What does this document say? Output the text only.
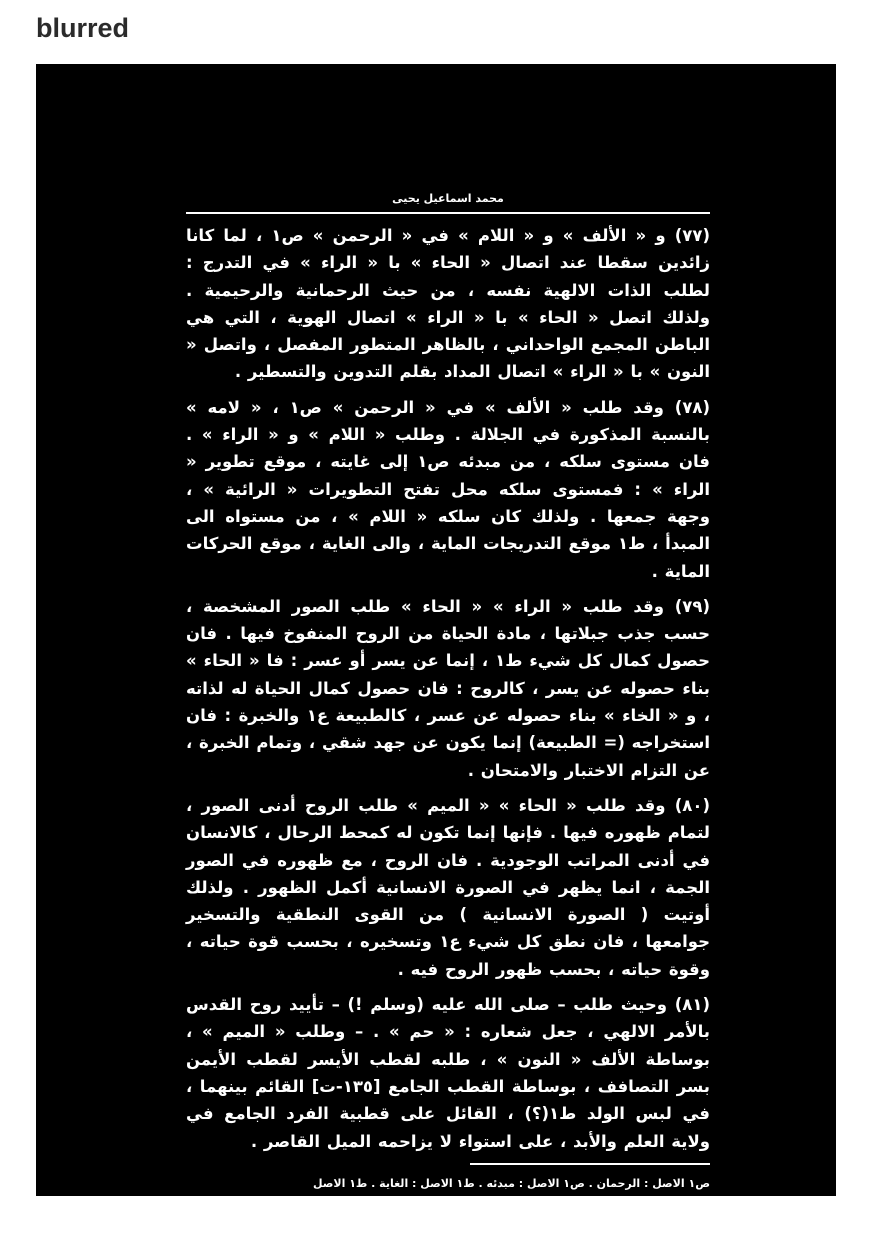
blurred
محمد اسماعيل يحيى

(٧٧) و « الألف » و « اللام » في « الرحمن » ص١ ، لما كانا زائدين سقطا عند اتصال « الحاء » با « الراء » في التدرج : لطلب الذات الالهية نفسه ، من حيث الرحمانية والرحيمية . ولذلك اتصل « الحاء » با « الراء » اتصال الهوية ، التي هي الباطن المجمع الواحداني ، بالظاهر المتطور المفصل ، واتصل « النون » با « الراء » اتصال المداد بقلم التدوين والتسطير .

(٧٨) وقد طلب « الألف » في « الرحمن » ص١ ، « لامه » بالنسبة المذكورة في الجلالة . وطلب « اللام » و « الراء » . فان مستوى سلكه ، من مبدئه ص١ إلى غايته ، موقع تطوير « الراء » : فمستوى سلكه محل تفتح التطويرات « الرائية » ، وجهة جمعها . ولذلك كان سلكه « اللام » ، من مستواه الى المبدأ ، ط١ موقع التدريجات الماية ، والى الغاية ، موقع الحركات الماية .

(٧٩) وقد طلب « الراء » « الحاء » طلب الصور المشخصة ، حسب جذب جبلاتها ، مادة الحياة من الروح المنفوخ فيها . فان حصول كمال كل شيء ط١ ، إنما عن يسر أو عسر : فا « الحاء » بناء حصوله عن يسر ، كالروح : فان حصول كمال الحياة له لذاته ، و « الخاء » بناء حصوله عن عسر ، كالطبيعة ع١ والخبرة : فان استخراجه (= الطبيعة) إنما يكون عن جهد شقي ، وتمام الخبرة ، عن التزام الاختبار والامتحان .

(٨٠) وقد طلب « الحاء » « الميم » طلب الروح أدنى الصور ، لتمام ظهوره فيها . فإنها إنما تكون له كمحط الرحال ، كالانسان في أدنى المراتب الوجودية . فان الروح ، مع ظهوره في الصور الجمة ، انما يظهر في الصورة الانسانية أكمل الظهور . ولذلك أوتيت ( الصورة الانسانية ) من القوى النطقية والتسخير جوامعها ، فان نطق كل شيء ع١ وتسخيره ، بحسب قوة حياته ، وقوة حياته ، بحسب ظهور الروح فيه .

(٨١) وحيث طلب – صلى الله عليه (وسلم !) – تأييد روح القدس بالأمر الالهي ، جعل شعاره : « حم » . – وطلب « الميم » ، بوساطة الألف « النون » ، طلبه لقطب الأيسر لقطب الأيمن بسر التصافف ، بوساطة القطب الجامع [١٣٥-ت] القائم بينهما ، في لبس الولد ط١(؟) ، القائل على قطبية الفرد الجامع في ولاية العلم والأبد ، على استواء لا يزاحمه الميل القاصر .

ص١ الاصل : الرحمان . ص١ الاصل : مبدئه . ط١ الاصل : الغاية . ط١ الاصل

في . – ع١ الاصل : كالطبيعة . – ع١ الاصل : شي . – ط١ الاصل : الولد .

١٣٦
